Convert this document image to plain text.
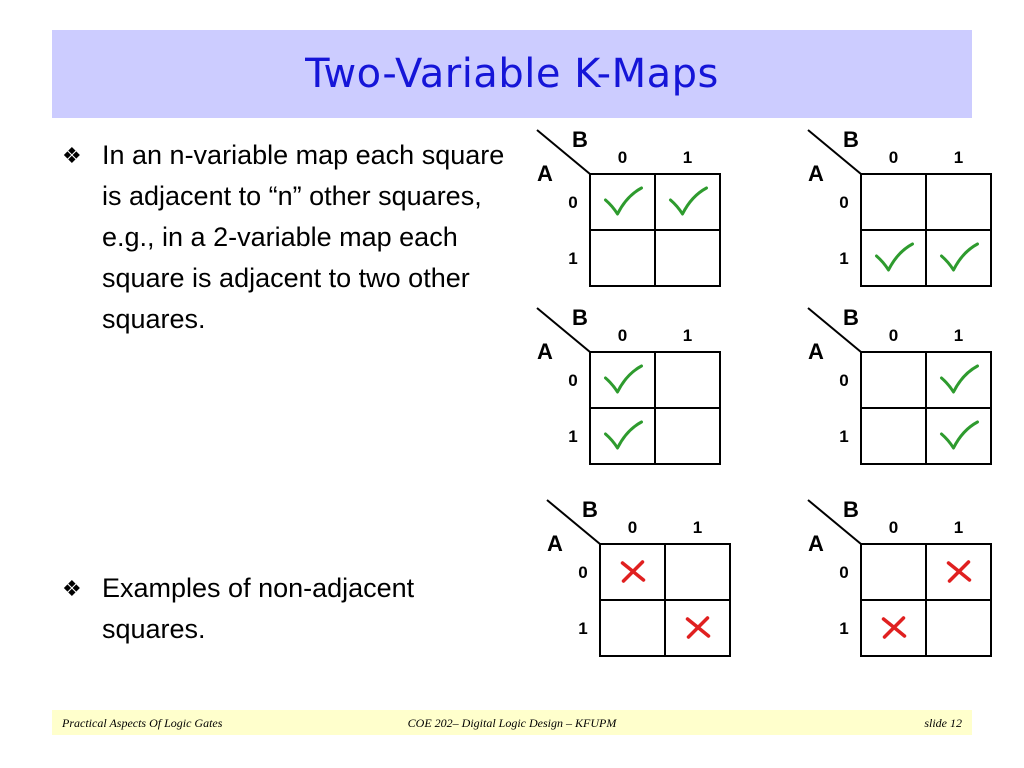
Two-Variable K-Maps
❖ In an n-variable map each square is adjacent to “n” other squares, e.g., in a 2-variable map each square is adjacent to two other squares.
❖ Examples of non-adjacent squares.
B
A
0	1
0
1
B
A
0	1
0
1
B
A
0	1
0
1
B
A
0	1
0
1
B
A
0	1
0
1
B
A
0	1
0
1
Practical Aspects Of Logic Gates	COE 202– Digital Logic Design – KFUPM	slide 12
